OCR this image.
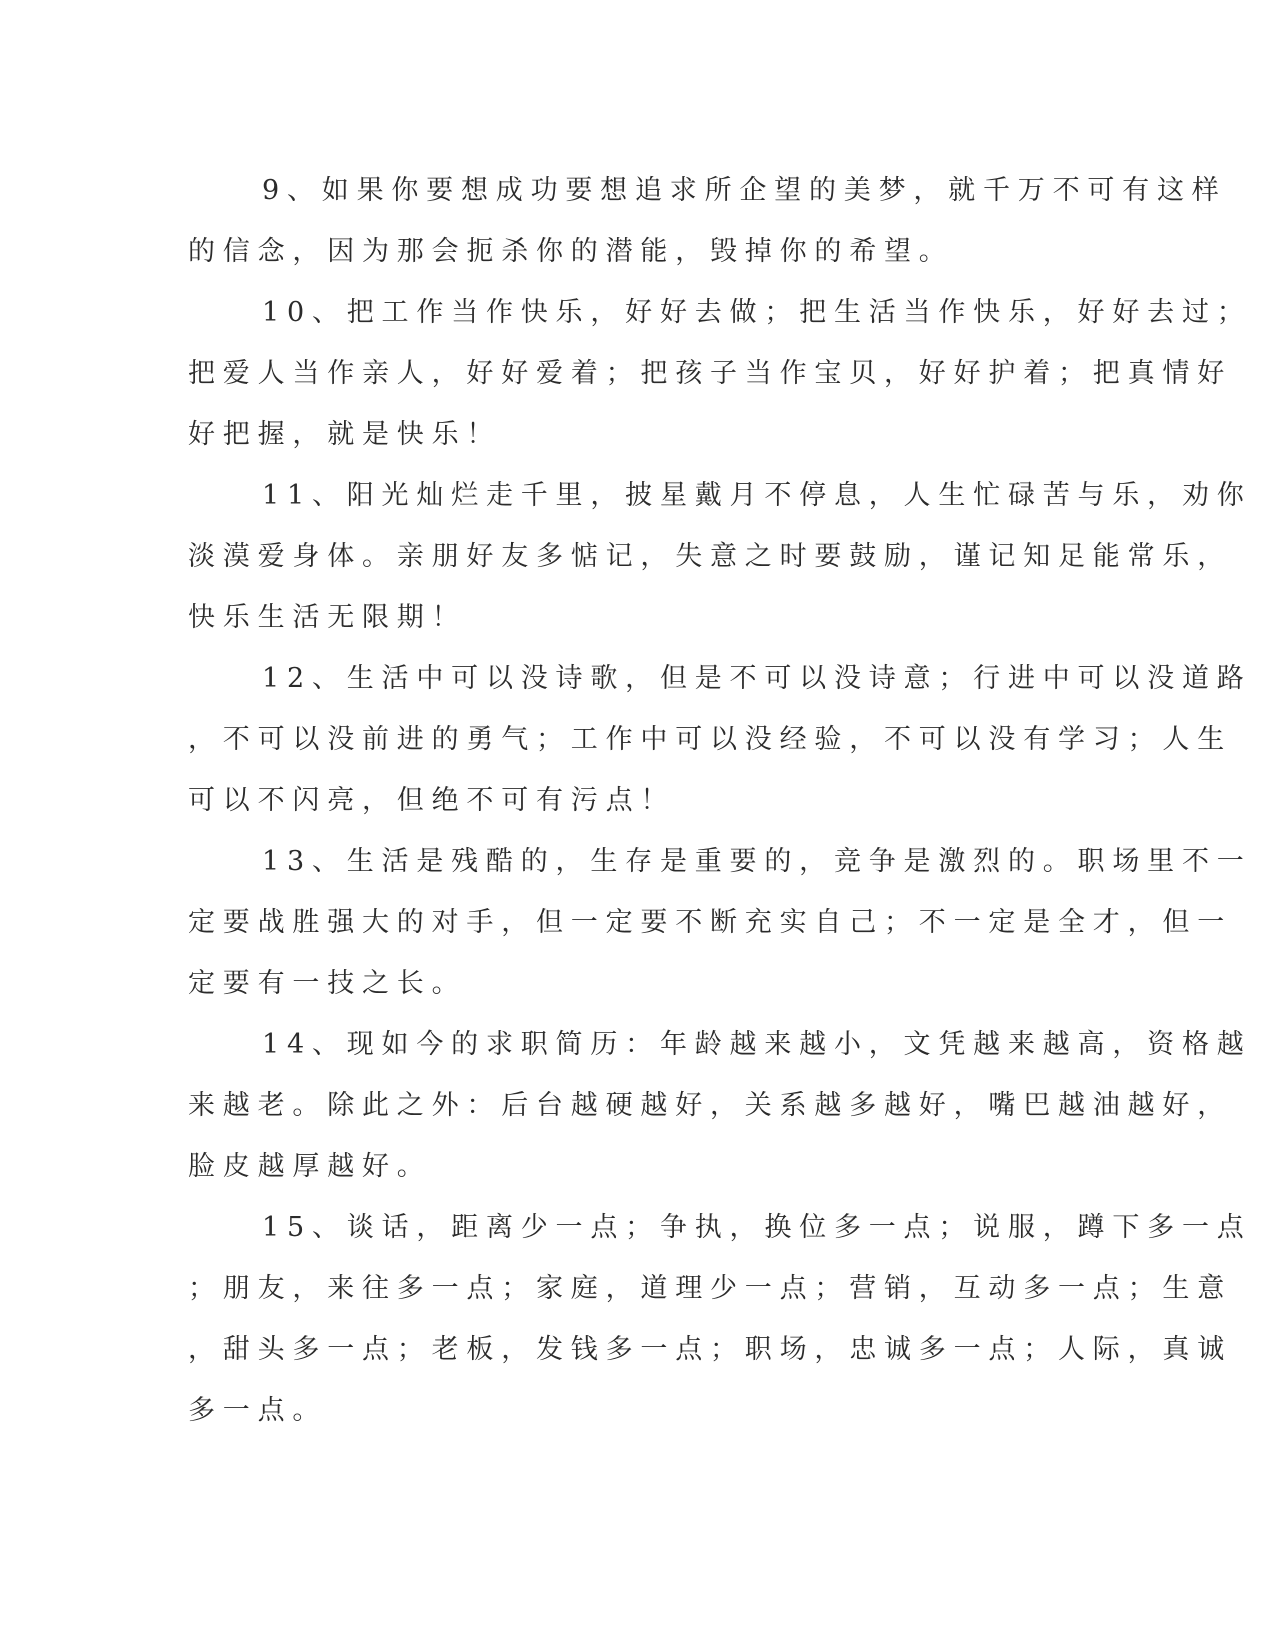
9、如果你要想成功要想追求所企望的美梦，就千万不可有这样
的信念，因为那会扼杀你的潜能，毁掉你的希望。
10、把工作当作快乐，好好去做；把生活当作快乐，好好去过；
把爱人当作亲人，好好爱着；把孩子当作宝贝，好好护着；把真情好
好把握，就是快乐！
11、阳光灿烂走千里，披星戴月不停息，人生忙碌苦与乐，劝你
淡漠爱身体。亲朋好友多惦记，失意之时要鼓励，谨记知足能常乐，
快乐生活无限期！
12、生活中可以没诗歌，但是不可以没诗意；行进中可以没道路
，不可以没前进的勇气；工作中可以没经验，不可以没有学习；人生
可以不闪亮，但绝不可有污点！
13、生活是残酷的，生存是重要的，竞争是激烈的。职场里不一
定要战胜强大的对手，但一定要不断充实自己；不一定是全才，但一
定要有一技之长。
14、现如今的求职简历：年龄越来越小，文凭越来越高，资格越
来越老。除此之外：后台越硬越好，关系越多越好，嘴巴越油越好，
脸皮越厚越好。
15、谈话，距离少一点；争执，换位多一点；说服，蹲下多一点
；朋友，来往多一点；家庭，道理少一点；营销，互动多一点；生意
，甜头多一点；老板，发钱多一点；职场，忠诚多一点；人际，真诚
多一点。
